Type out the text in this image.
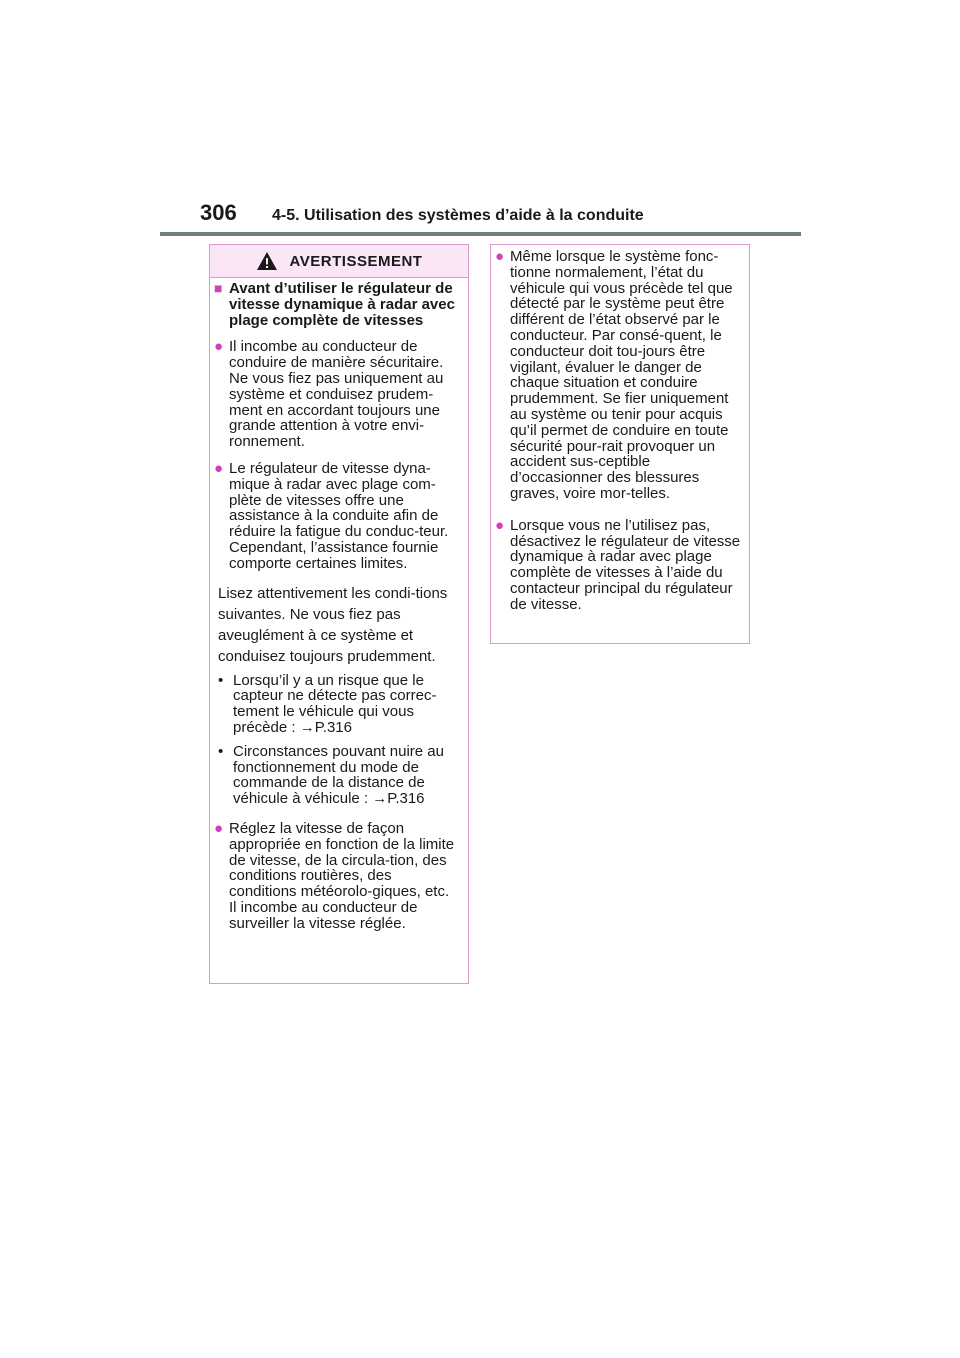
306 4-5. Utilisation des systèmes d’aide à la conduite
AVERTISSEMENT
■ Avant d’utiliser le régulateur de vitesse dynamique à radar avec plage complète de vitesses
● Il incombe au conducteur de conduire de manière sécuritaire. Ne vous fiez pas uniquement au système et conduisez prudem-ment en accordant toujours une grande attention à votre envi-ronnement.
● Le régulateur de vitesse dyna-mique à radar avec plage com-plète de vitesses offre une assistance à la conduite afin de réduire la fatigue du conduc-teur. Cependant, l’assistance fournie comporte certaines limites.
Lisez attentivement les condi-tions suivantes. Ne vous fiez pas aveuglément à ce système et conduisez toujours prudemment.
• Lorsqu’il y a un risque que le capteur ne détecte pas correc-tement le véhicule qui vous précède : →P.316
• Circonstances pouvant nuire au fonctionnement du mode de commande de la distance de véhicule à véhicule : →P.316
● Réglez la vitesse de façon appropriée en fonction de la limite de vitesse, de la circula-tion, des conditions routières, des conditions météorolo-giques, etc. Il incombe au conducteur de surveiller la vitesse réglée.
● Même lorsque le système fonc-tionne normalement, l’état du véhicule qui vous précède tel que détecté par le système peut être différent de l’état observé par le conducteur. Par consé-quent, le conducteur doit tou-jours être vigilant, évaluer le danger de chaque situation et conduire prudemment. Se fier uniquement au système ou tenir pour acquis qu’il permet de conduire en toute sécurité pour-rait provoquer un accident sus-ceptible d’occasionner des blessures graves, voire mor-telles.
● Lorsque vous ne l’utilisez pas, désactivez le régulateur de vitesse dynamique à radar avec plage complète de vitesses à l’aide du contacteur principal du régulateur de vitesse.
